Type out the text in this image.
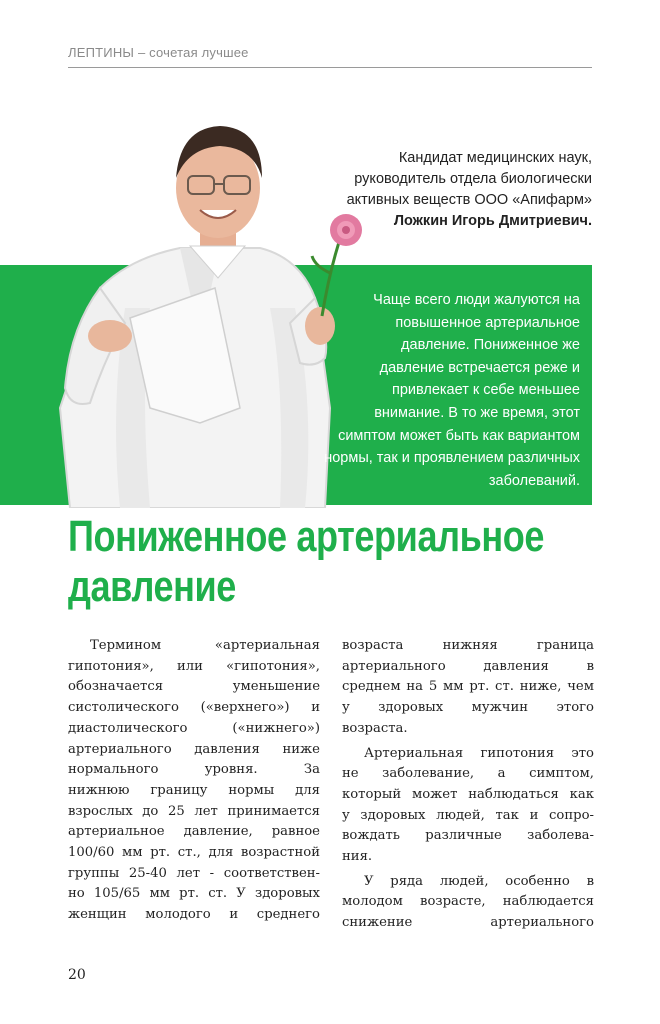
ЛЕПТИНЫ – сочетая лучшее
Кандидат медицинских наук,
руководитель отдела биологически
активных веществ ООО «Апифарм»
Ложкин Игорь Дмитриевич.
Чаще всего люди жалуются на
повышенное артериальное
давление. Пониженное же
давление встречается реже и
привлекает к себе меньшее
внимание. В то же время, этот
симптом может быть как вариантом
нормы, так и проявлением различных
заболеваний.
Пониженное артериальное
давление
Термином «артериальная
гипотония», или «гипотония»,
обозначается уменьшение
систолического («верхнего») и
диастолического («нижнего»)
артериального давления ниже
нормального уровня. За
нижнюю границу нормы для
взрослых до 25 лет принимается
артериальное давление, равное
100/60 мм рт. ст., для возрастной
группы 25-40 лет - соответствен-
но 105/65 мм рт. ст. У здоровых
женщин молодого и среднего
возраста нижняя граница
артериального давления в
среднем на 5 мм рт. ст. ниже, чем
у здоровых мужчин этого
возраста.
Артериальная гипотония это
не заболевание, а симптом,
который может наблюдаться как
у здоровых людей, так и сопро-
вождать различные заболева-
ния.
У ряда людей, особенно в
молодом возрасте, наблюдается
снижение артериального
20
